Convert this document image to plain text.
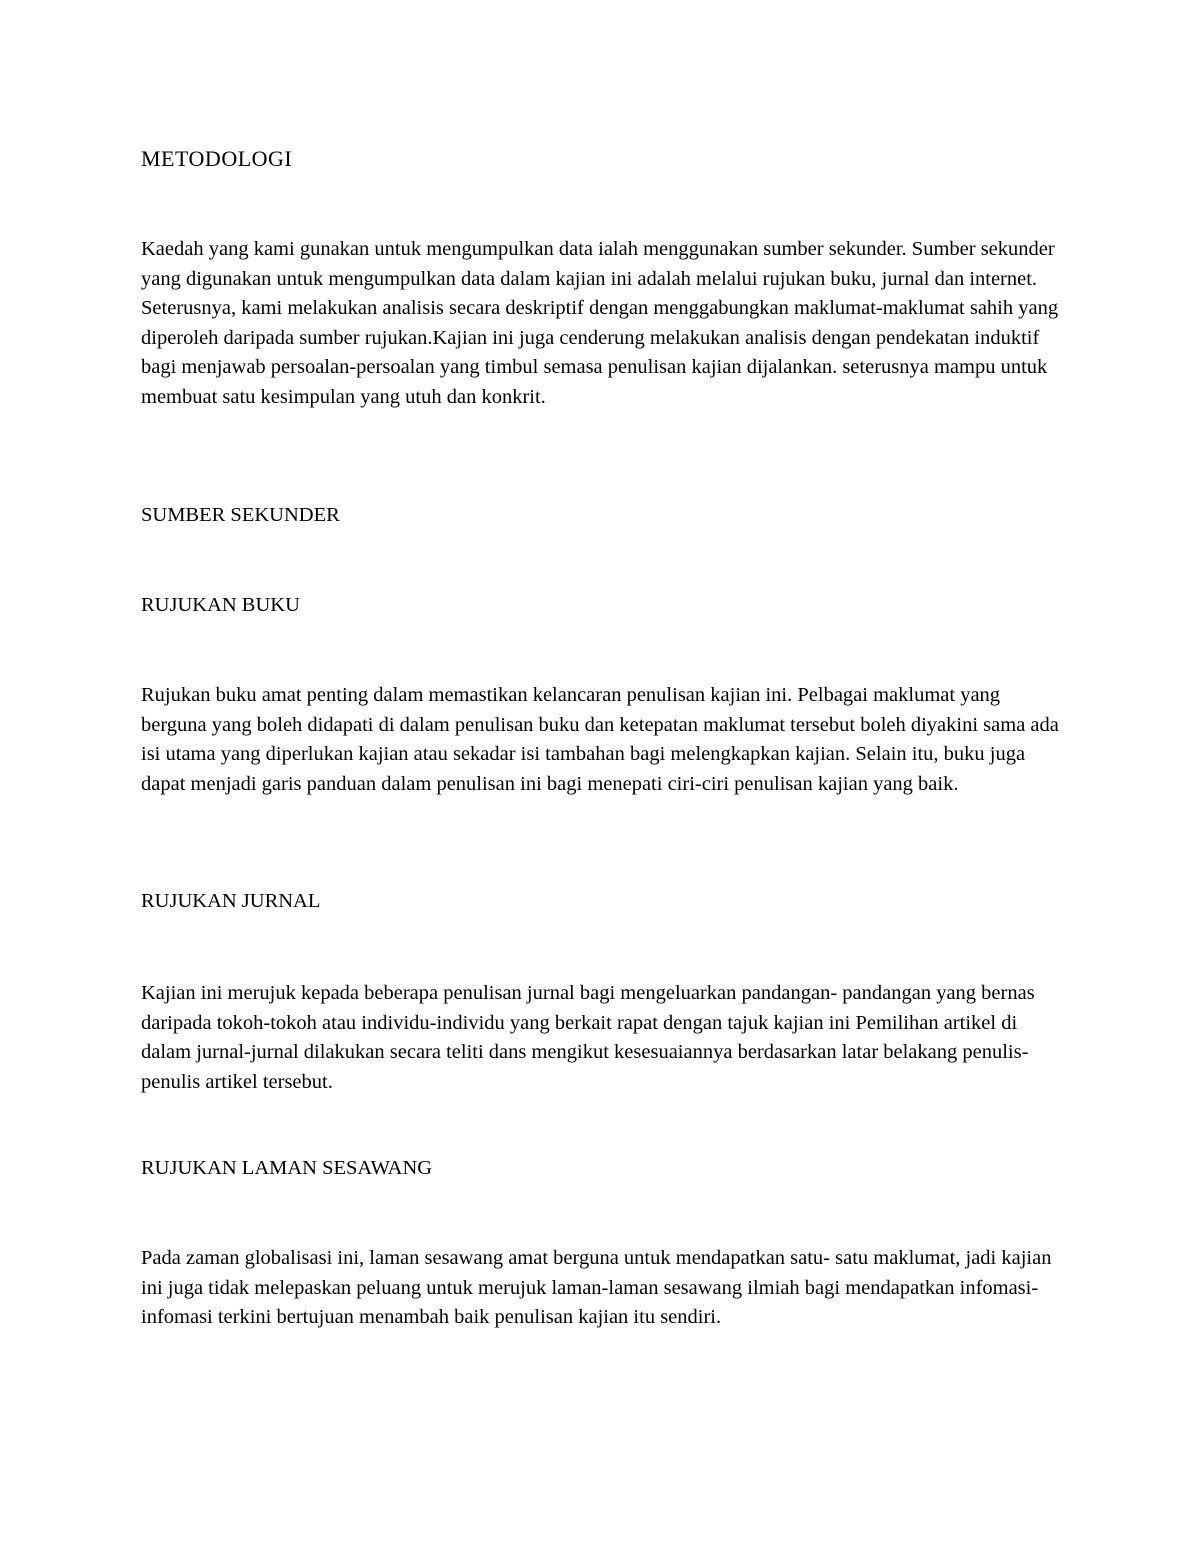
METODOLOGI

Kaedah yang kami gunakan untuk mengumpulkan data ialah menggunakan sumber sekunder. Sumber sekunder yang digunakan untuk mengumpulkan data dalam kajian ini adalah melalui rujukan buku, jurnal dan internet. Seterusnya, kami melakukan analisis secara deskriptif dengan menggabungkan maklumat-maklumat sahih yang diperoleh daripada sumber rujukan.Kajian ini juga cenderung melakukan analisis dengan pendekatan induktif bagi menjawab persoalan-persoalan yang timbul semasa penulisan kajian dijalankan. seterusnya mampu untuk membuat satu kesimpulan yang utuh dan konkrit.

SUMBER SEKUNDER

RUJUKAN BUKU

Rujukan buku amat penting dalam memastikan kelancaran penulisan kajian ini. Pelbagai maklumat yang berguna yang boleh didapati di dalam penulisan buku dan ketepatan maklumat tersebut boleh diyakini sama ada isi utama yang diperlukan kajian atau sekadar isi tambahan bagi melengkapkan kajian. Selain itu, buku juga dapat menjadi garis panduan dalam penulisan ini bagi menepati ciri-ciri penulisan kajian yang baik.

RUJUKAN JURNAL

Kajian ini merujuk kepada beberapa penulisan jurnal bagi mengeluarkan pandangan- pandangan yang bernas daripada tokoh-tokoh atau individu-individu yang berkait rapat dengan tajuk kajian ini Pemilihan artikel di dalam jurnal-jurnal dilakukan secara teliti dans mengikut kesesuaiannya berdasarkan latar belakang penulis-penulis artikel tersebut.

RUJUKAN LAMAN SESAWANG

Pada zaman globalisasi ini, laman sesawang amat berguna untuk mendapatkan satu- satu maklumat, jadi kajian ini juga tidak melepaskan peluang untuk merujuk laman-laman sesawang ilmiah bagi mendapatkan infomasi-infomasi terkini bertujuan menambah baik penulisan kajian itu sendiri.
